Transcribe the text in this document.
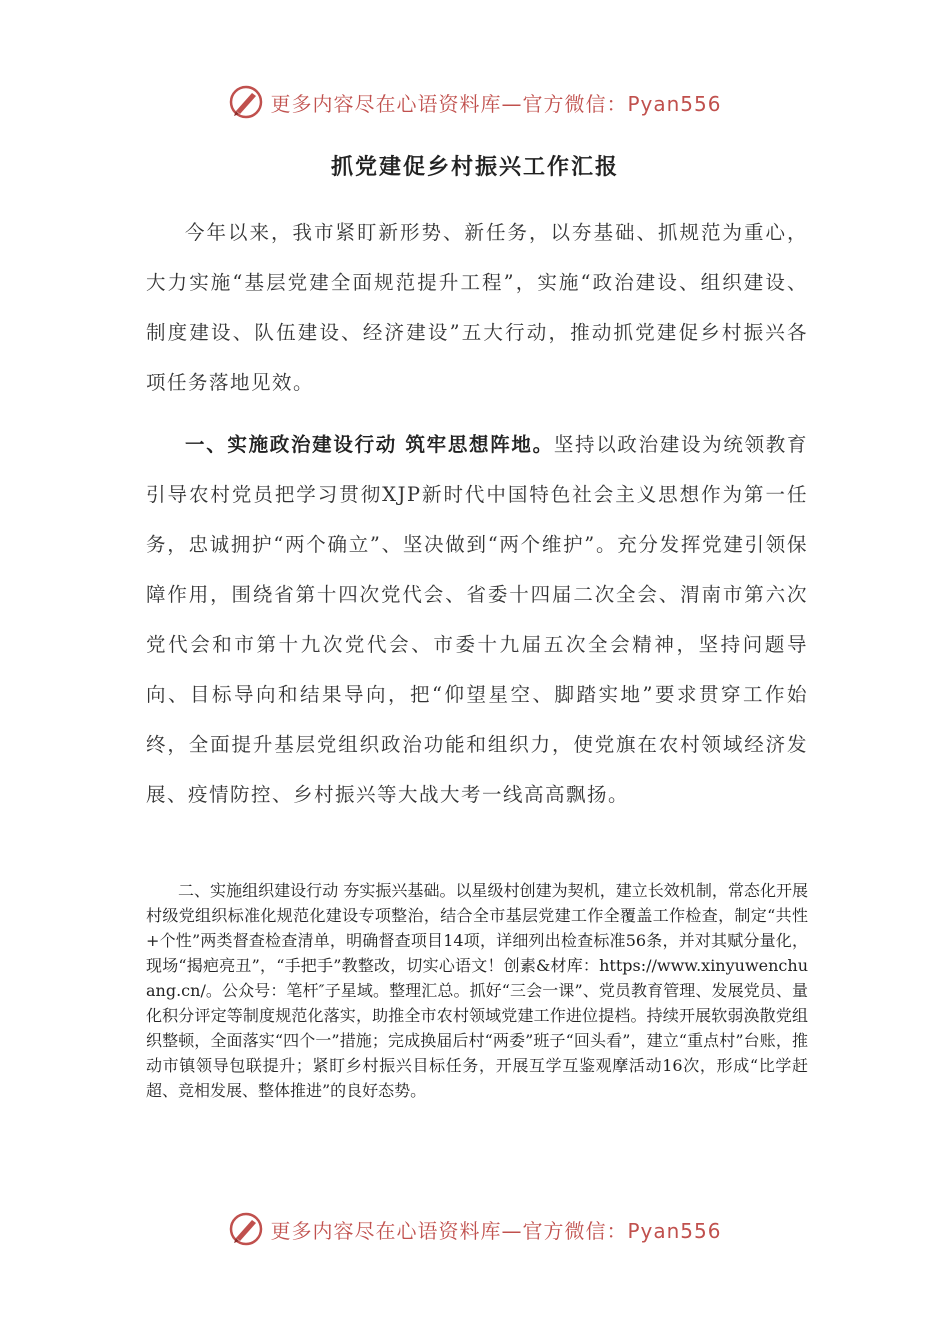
更多内容尽在心语资料库—官方微信：Pyan556
抓党建促乡村振兴工作汇报

今年以来，我市紧盯新形势、新任务，以夯基础、抓规范为重心，大力实施“基层党建全面规范提升工程”，实施“政治建设、组织建设、制度建设、队伍建设、经济建设”五大行动，推动抓党建促乡村振兴各项任务落地见效。

一、实施政治建设行动 筑牢思想阵地。坚持以政治建设为统领教育引导农村党员把学习贯彻XJP新时代中国特色社会主义思想作为第一任务，忠诚拥护“两个确立”、坚决做到“两个维护”。充分发挥党建引领保障作用，围绕省第十四次党代会、省委十四届二次全会、渭南市第六次党代会和市第十九次党代会、市委十九届五次全会精神，坚持问题导向、目标导向和结果导向，把“仰望星空、脚踏实地”要求贯穿工作始终，全面提升基层党组织政治功能和组织力，使党旗在农村领域经济发展、疫情防控、乡村振兴等大战大考一线高高飘扬。

二、实施组织建设行动 夯实振兴基础。以星级村创建为契机，建立长效机制，常态化开展村级党组织标准化规范化建设专项整治，结合全市基层党建工作全覆盖工作检查，制定“共性+个性”两类督查检查清单，明确督查项目14项，详细列出检查标准56条，并对其赋分量化，现场“揭疤亮丑”，“手把手”教整改，切实心语文！创素&材库：https://www.xinyuwenchuang.cn/。公众号：笔杆″子星域。整理汇总。抓好“三会一课”、党员教育管理、发展党员、量化积分评定等制度规范化落实，助推全市农村领域党建工作进位提档。持续开展软弱涣散党组织整顿，全面落实“四个一”措施；完成换届后村“两委”班子“回头看”，建立“重点村”台账，推动市镇领导包联提升；紧盯乡村振兴目标任务，开展互学互鉴观摩活动16次，形成“比学赶超、竞相发展、整体推进”的良好态势。

更多内容尽在心语资料库—官方微信：Pyan556
